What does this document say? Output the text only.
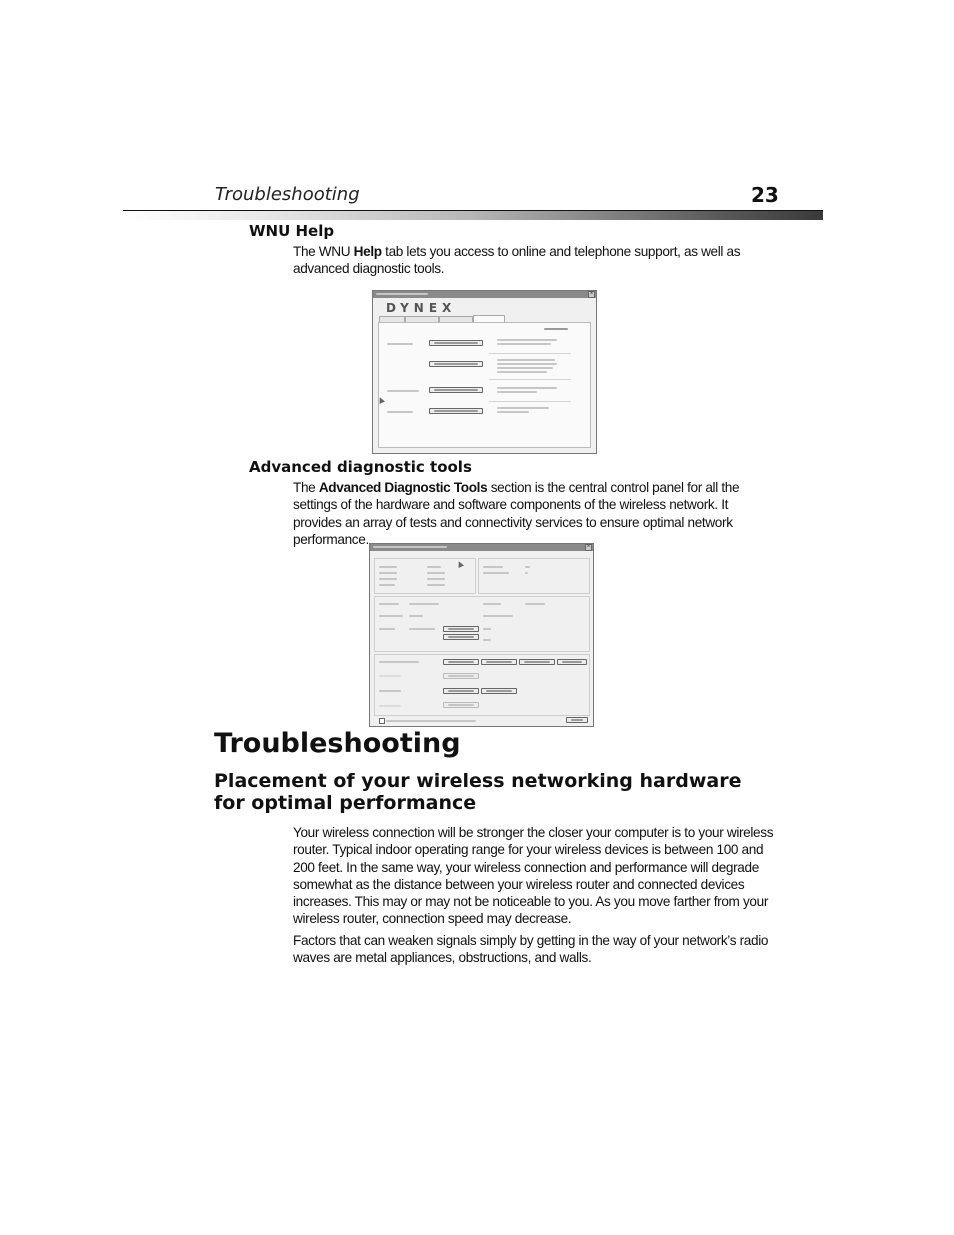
Troubleshooting	23
WNU Help
The WNU Help tab lets you access to online and telephone support, as well as advanced diagnostic tools.
×
DYNEX
Advanced diagnostic tools
The Advanced Diagnostic Tools section is the central control panel for all the settings of the hardware and software components of the wireless network. It provides an array of tests and connectivity services to ensure optimal network performance.
×
Troubleshooting
Placement of your wireless networking hardware for optimal performance
Your wireless connection will be stronger the closer your computer is to your wireless router. Typical indoor operating range for your wireless devices is between 100 and 200 feet. In the same way, your wireless connection and performance will degrade somewhat as the distance between your wireless router and connected devices increases. This may or may not be noticeable to you. As you move farther from your wireless router, connection speed may decrease.
Factors that can weaken signals simply by getting in the way of your network’s radio waves are metal appliances, obstructions, and walls.
